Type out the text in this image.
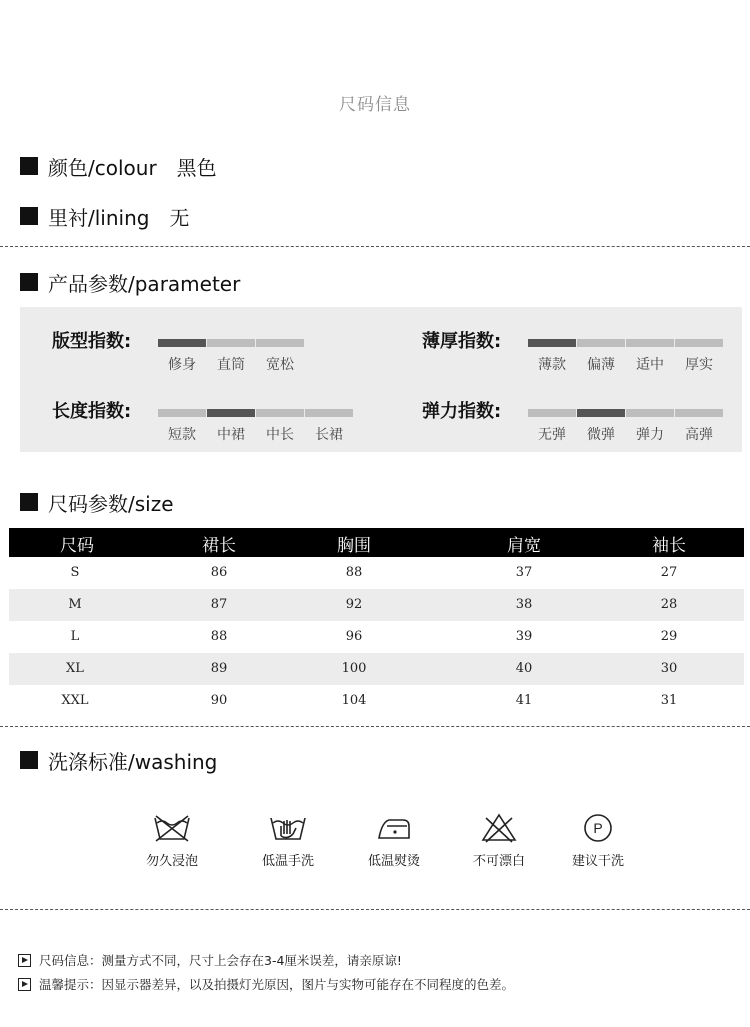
尺码信息
颜色/colour 黑色
里衬/lining 无
产品参数/parameter
版型指数:
修身	直筒	宽松
薄厚指数:
薄款	偏薄	适中	厚实
长度指数:
短款	中裙	中长	长裙
弹力指数:
无弹	微弹	弹力	高弹
尺码参数/size
尺码	裙长	胸围	肩宽	袖长
S	86	88	37	27
M	87	92	38	28
L	88	96	39	29
XL	89	100	40	30
XXL	90	104	41	31
洗涤标准/washing
勿久浸泡	低温手洗	低温熨烫	不可漂白
P
建议干洗
尺码信息：测量方式不同，尺寸上会存在3-4厘米误差，请亲原谅!
温馨提示：因显示器差异，以及拍摄灯光原因，图片与实物可能存在不同程度的色差。
